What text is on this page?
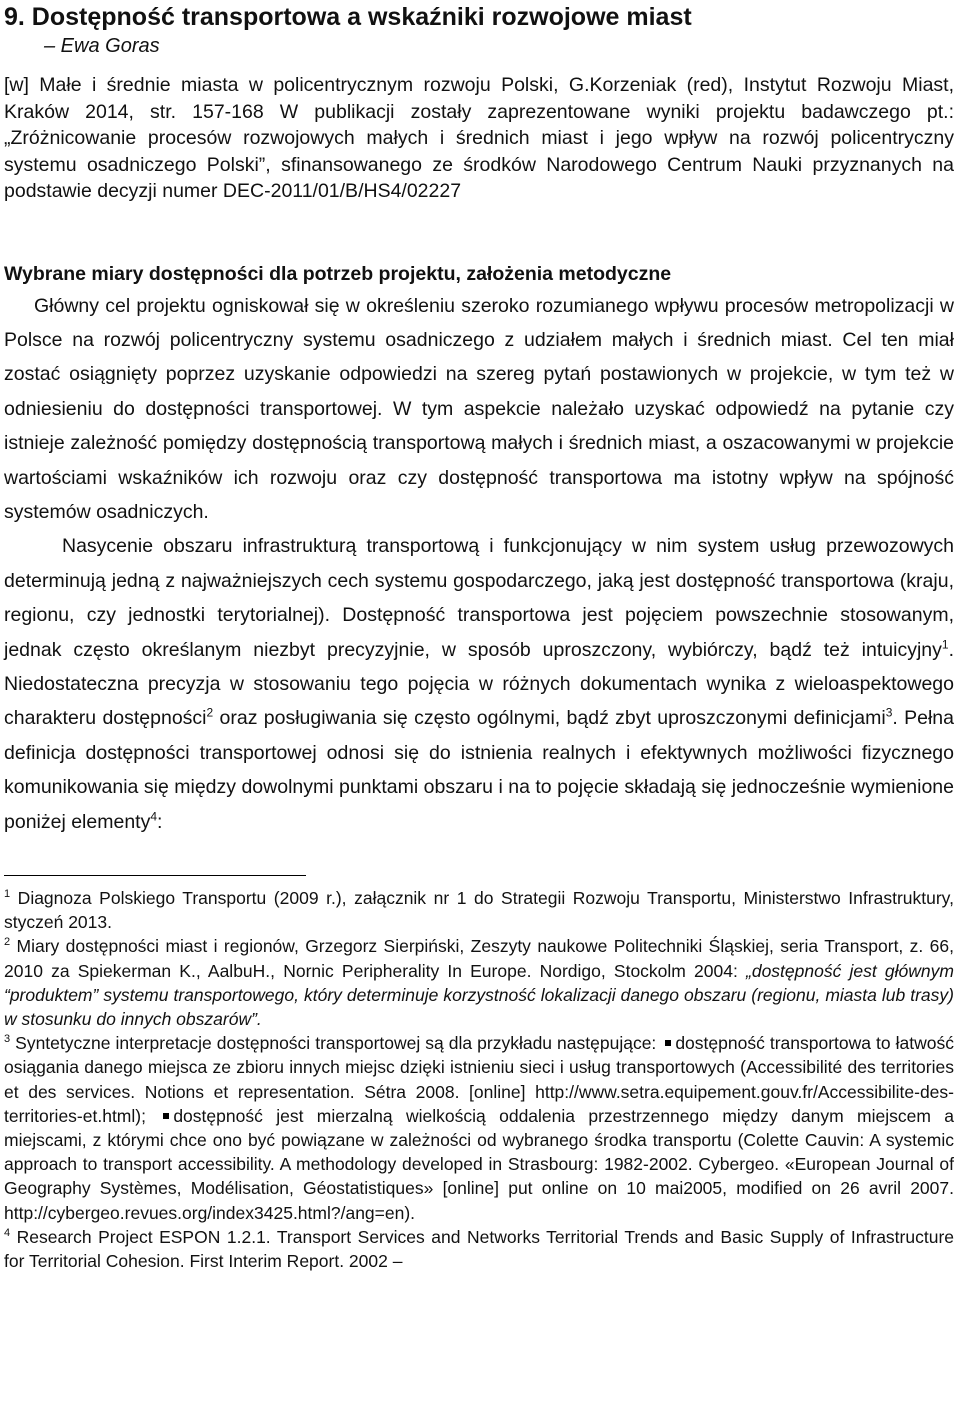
9. Dostępność transportowa a wskaźniki rozwojowe miast
– Ewa Goras
[w] Małe i średnie miasta w policentrycznym rozwoju Polski, G.Korzeniak (red), Instytut Rozwoju Miast, Kraków 2014, str. 157-168 W publikacji zostały zaprezentowane wyniki projektu badawczego pt.: „Zróżnicowanie procesów rozwojowych małych i średnich miast i jego wpływ na rozwój policentryczny systemu osadniczego Polski”, sfinansowanego ze środków Narodowego Centrum Nauki przyznanych na podstawie decyzji numer DEC-2011/01/B/HS4/02227
Wybrane miary dostępności dla potrzeb projektu, założenia metodyczne

Główny cel projektu ogniskował się w określeniu szeroko rozumianego wpływu procesów metropolizacji w Polsce na rozwój policentryczny systemu osadniczego z udziałem małych i średnich miast. Cel ten miał zostać osiągnięty poprzez uzyskanie odpowiedzi na szereg pytań postawionych w projekcie, w tym też w odniesieniu do dostępności transportowej. W tym aspekcie należało uzyskać odpowiedź na pytanie czy istnieje zależność pomiędzy dostępnością transportową małych i średnich miast, a oszacowanymi w projekcie wartościami wskaźników ich rozwoju oraz czy dostępność transportowa ma istotny wpływ na spójność systemów osadniczych.

Nasycenie obszaru infrastrukturą transportową i funkcjonujący w nim system usług przewozowych determinują jedną z najważniejszych cech systemu gospodarczego, jaką jest dostępność transportowa (kraju, regionu, czy jednostki terytorialnej). Dostępność transportowa jest pojęciem powszechnie stosowanym, jednak często określanym niezbyt precyzyjnie, w sposób uproszczony, wybiórczy, bądź też intuicyjny$^1$. Niedostateczna precyzja w stosowaniu tego pojęcia w różnych dokumentach wynika z wieloaspektowego charakteru dostępności$^2$ oraz posługiwania się często ogólnymi, bądź zbyt uproszczonymi definicjami$^3$. Pełna definicja dostępności transportowej odnosi się do istnienia realnych i efektywnych możliwości fizycznego komunikowania się między dowolnymi punktami obszaru i na to pojęcie składają się jednocześnie wymienione poniżej elementy$^4$:

$^1$ Diagnoza Polskiego Transportu (2009 r.), załącznik nr 1 do Strategii Rozwoju Transportu, Ministerstwo Infrastruktury, styczeń 2013.

$^2$ Miary dostępności miast i regionów, Grzegorz Sierpiński, Zeszyty naukowe Politechniki Śląskiej, seria Transport, z. 66, 2010 za Spiekerman K., AalbuH., Nornic Peripherality In Europe. Nordigo, Stockolm 2004: „dostępność jest głównym “produktem” systemu transportowego, który determinuje korzystność lokalizacji danego obszaru (regionu, miasta lub trasy) w stosunku do innych obszarów”.

$^3$ Syntetyczne interpretacje dostępności transportowej są dla przykładu następujące: dostępność transportowa to łatwość osiągania danego miejsca ze zbioru innych miejsc dzięki istnieniu sieci i usług transportowych (Accessibilité des territories et des services. Notions et representation. Sétra 2008. [online] http://www.setra.equipement.gouv.fr/Accessibilite-des-territories-et.html); dostępność jest mierzalną wielkością oddalenia przestrzennego między danym miejscem a miejscami, z którymi chce ono być powiązane w zależności od wybranego środka transportu (Colette Cauvin: A systemic approach to transport accessibility. A methodology developed in Strasbourg: 1982-2002. Cybergeo. «European Journal of Geography Systèmes, Modélisation, Géostatistiques» [online] put online on 10 mai2005, modified on 26 avril 2007. http://cybergeo.revues.org/index3425.html?/ang=en).

$^4$ Research Project ESPON 1.2.1. Transport Services and Networks Territorial Trends and Basic Supply of Infrastructure for Territorial Cohesion. First Interim Report. 2002 –
